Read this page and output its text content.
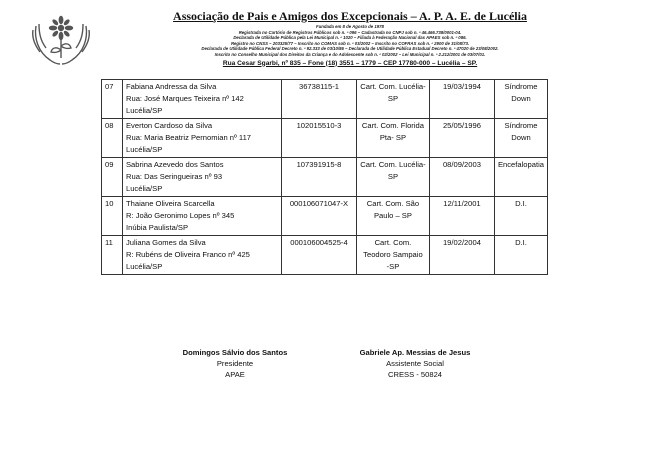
Associação de Pais e Amigos dos Excepcionais – A. P. A. E. de Lucélia
Fundada em 8 de Agosto de 1978
Registrada no Cartório de Registros Públicos sob n. º 096 – Cadastrada no CNPJ sob n. º 46.466.738/0001-04.
Declarada de Utilidade Pública pela Lei Municipal n. º 1020 – Filiada à Federação Nacional das APAES sob n. º 086.
Registro no CNSS – 203325/77 – Inscrito no COMAS sob n. º 03/2002 – Inscrito no COFRAS sob n. º 2900 de 31/08/73.
Declarada de Utilidade Pública Federal Decreto n. º 92.333 de 03/10/86 – Declarada de Utilidade Pública Estadual Decreto n. º 47020 de 23/08/2002.
Inscrito no Conselho Municipal dos Direitos da Criança e do Adolescente sob n. º 02/2002 – Lei Municipal n. º 2.212/2001 de 03/07/01.
Rua Cesar Sgarbi, nº 835 – Fone (18) 3551 – 1779 – CEP 17780-000 – Lucélia – SP.
07	Fabiana Andressa da Silva
Rua: José Marques Teixeira nº 142
Lucélia/SP	36738115-1	Cart. Com. Lucélia-
SP	19/03/1994	Síndrome
Down

08	Everton Cardoso da Silva
Rua: Maria Beatriz Pernomian nº 117
Lucélia/SP	102015510-3	Cart. Com. Florida
Pta- SP	25/05/1996	Síndrome
Down

09	Sabrina Azevedo dos Santos
Rua: Das Seringueiras nº 93
Lucélia/SP	107391915-8	Cart. Com. Lucélia-
SP	08/09/2003	Encefalopatia

10	Thaiane Oliveira Scarcella
R: João Geronimo Lopes nº 345
Inúbia Paulista/SP	000106071047-X	Cart. Com. São
Paulo – SP	12/11/2001	D.I.

11	Juliana Gomes da Silva
R: Rubéns de Oliveira Franco nº 425
Lucélia/SP	000106004525-4	Cart. Com.
Teodoro Sampaio
-SP	19/02/2004	D.I.
Domingos Sálvio dos Santos
Presidente
APAE
Gabriele Ap. Messias de Jesus
Assistente Social
CRESS - 50824
